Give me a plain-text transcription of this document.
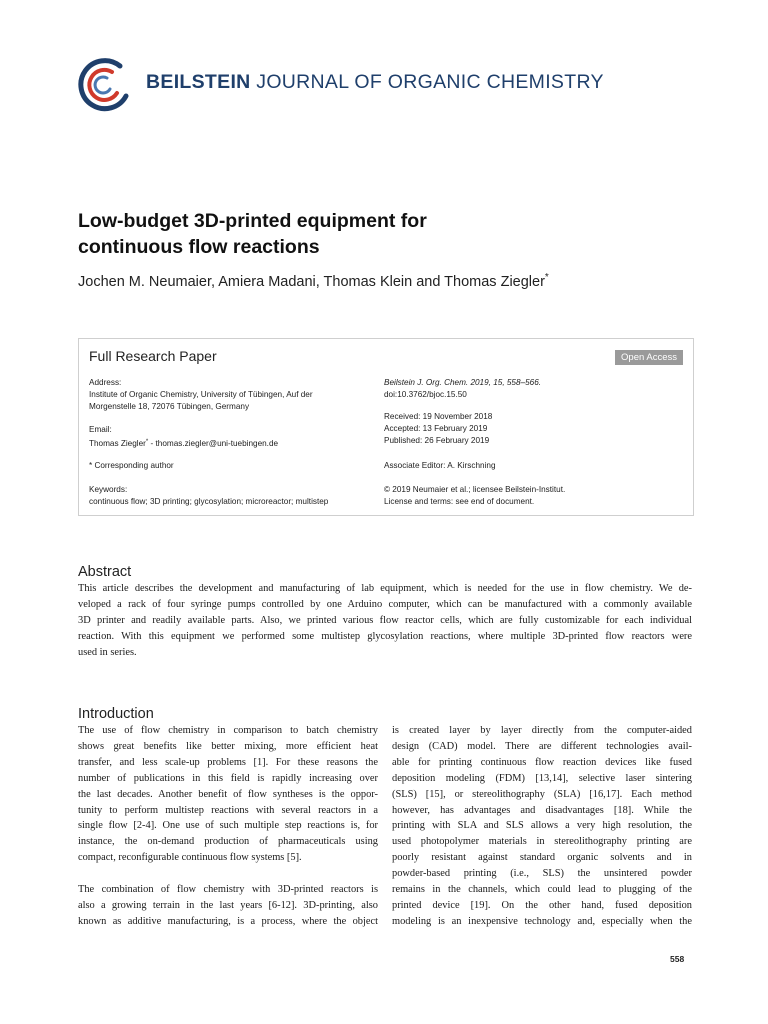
BEILSTEIN JOURNAL OF ORGANIC CHEMISTRY
Low-budget 3D-printed equipment for
continuous flow reactions
Jochen M. Neumaier, Amiera Madani, Thomas Klein and Thomas Ziegler*
Full Research Paper	Open Access
Address:
Institute of Organic Chemistry, University of Tübingen, Auf der
Morgenstelle 18, 72076 Tübingen, Germany
Email:
Thomas Ziegler* - thomas.ziegler@uni-tuebingen.de
* Corresponding author
Keywords:
continuous flow; 3D printing; glycosylation; microreactor; multistep
Beilstein J. Org. Chem. 2019, 15, 558–566.
doi:10.3762/bjoc.15.50
Received: 19 November 2018
Accepted: 13 February 2019
Published: 26 February 2019
Associate Editor: A. Kirschning
© 2019 Neumaier et al.; licensee Beilstein-Institut.
License and terms: see end of document.
Abstract
This article describes the development and manufacturing of lab equipment, which is needed for the use in flow chemistry. We de-
veloped a rack of four syringe pumps controlled by one Arduino computer, which can be manufactured with a commonly available
3D printer and readily available parts. Also, we printed various flow reactor cells, which are fully customizable for each individual
reaction. With this equipment we performed some multistep glycosylation reactions, where multiple 3D-printed flow reactors were
used in series.
Introduction
The use of flow chemistry in comparison to batch chemistry
shows great benefits like better mixing, more efficient heat
transfer, and less scale-up problems [1]. For these reasons the
number of publications in this field is rapidly increasing over
the last decades. Another benefit of flow syntheses is the oppor-
tunity to perform multistep reactions with several reactors in a
single flow [2-4]. One use of such multiple step reactions is, for
instance, the on-demand production of pharmaceuticals using
compact, reconfigurable continuous flow systems [5].
The combination of flow chemistry with 3D-printed reactors is
also a growing terrain in the last years [6-12]. 3D-printing, also
known as additive manufacturing, is a process, where the object
is created layer by layer directly from the computer-aided
design (CAD) model. There are different technologies avail-
able for printing continuous flow reaction devices like fused
deposition modeling (FDM) [13,14], selective laser sintering
(SLS) [15], or stereolithography (SLA) [16,17]. Each method
however, has advantages and disadvantages [18]. While the
printing with SLA and SLS allows a very high resolution, the
used photopolymer materials in stereolithography printing are
poorly resistant against standard organic solvents and in
powder-based printing (i.e., SLS) the unsintered powder
remains in the channels, which could lead to plugging of the
printed device [19]. On the other hand, fused deposition
modeling is an inexpensive technology and, especially when the
558
